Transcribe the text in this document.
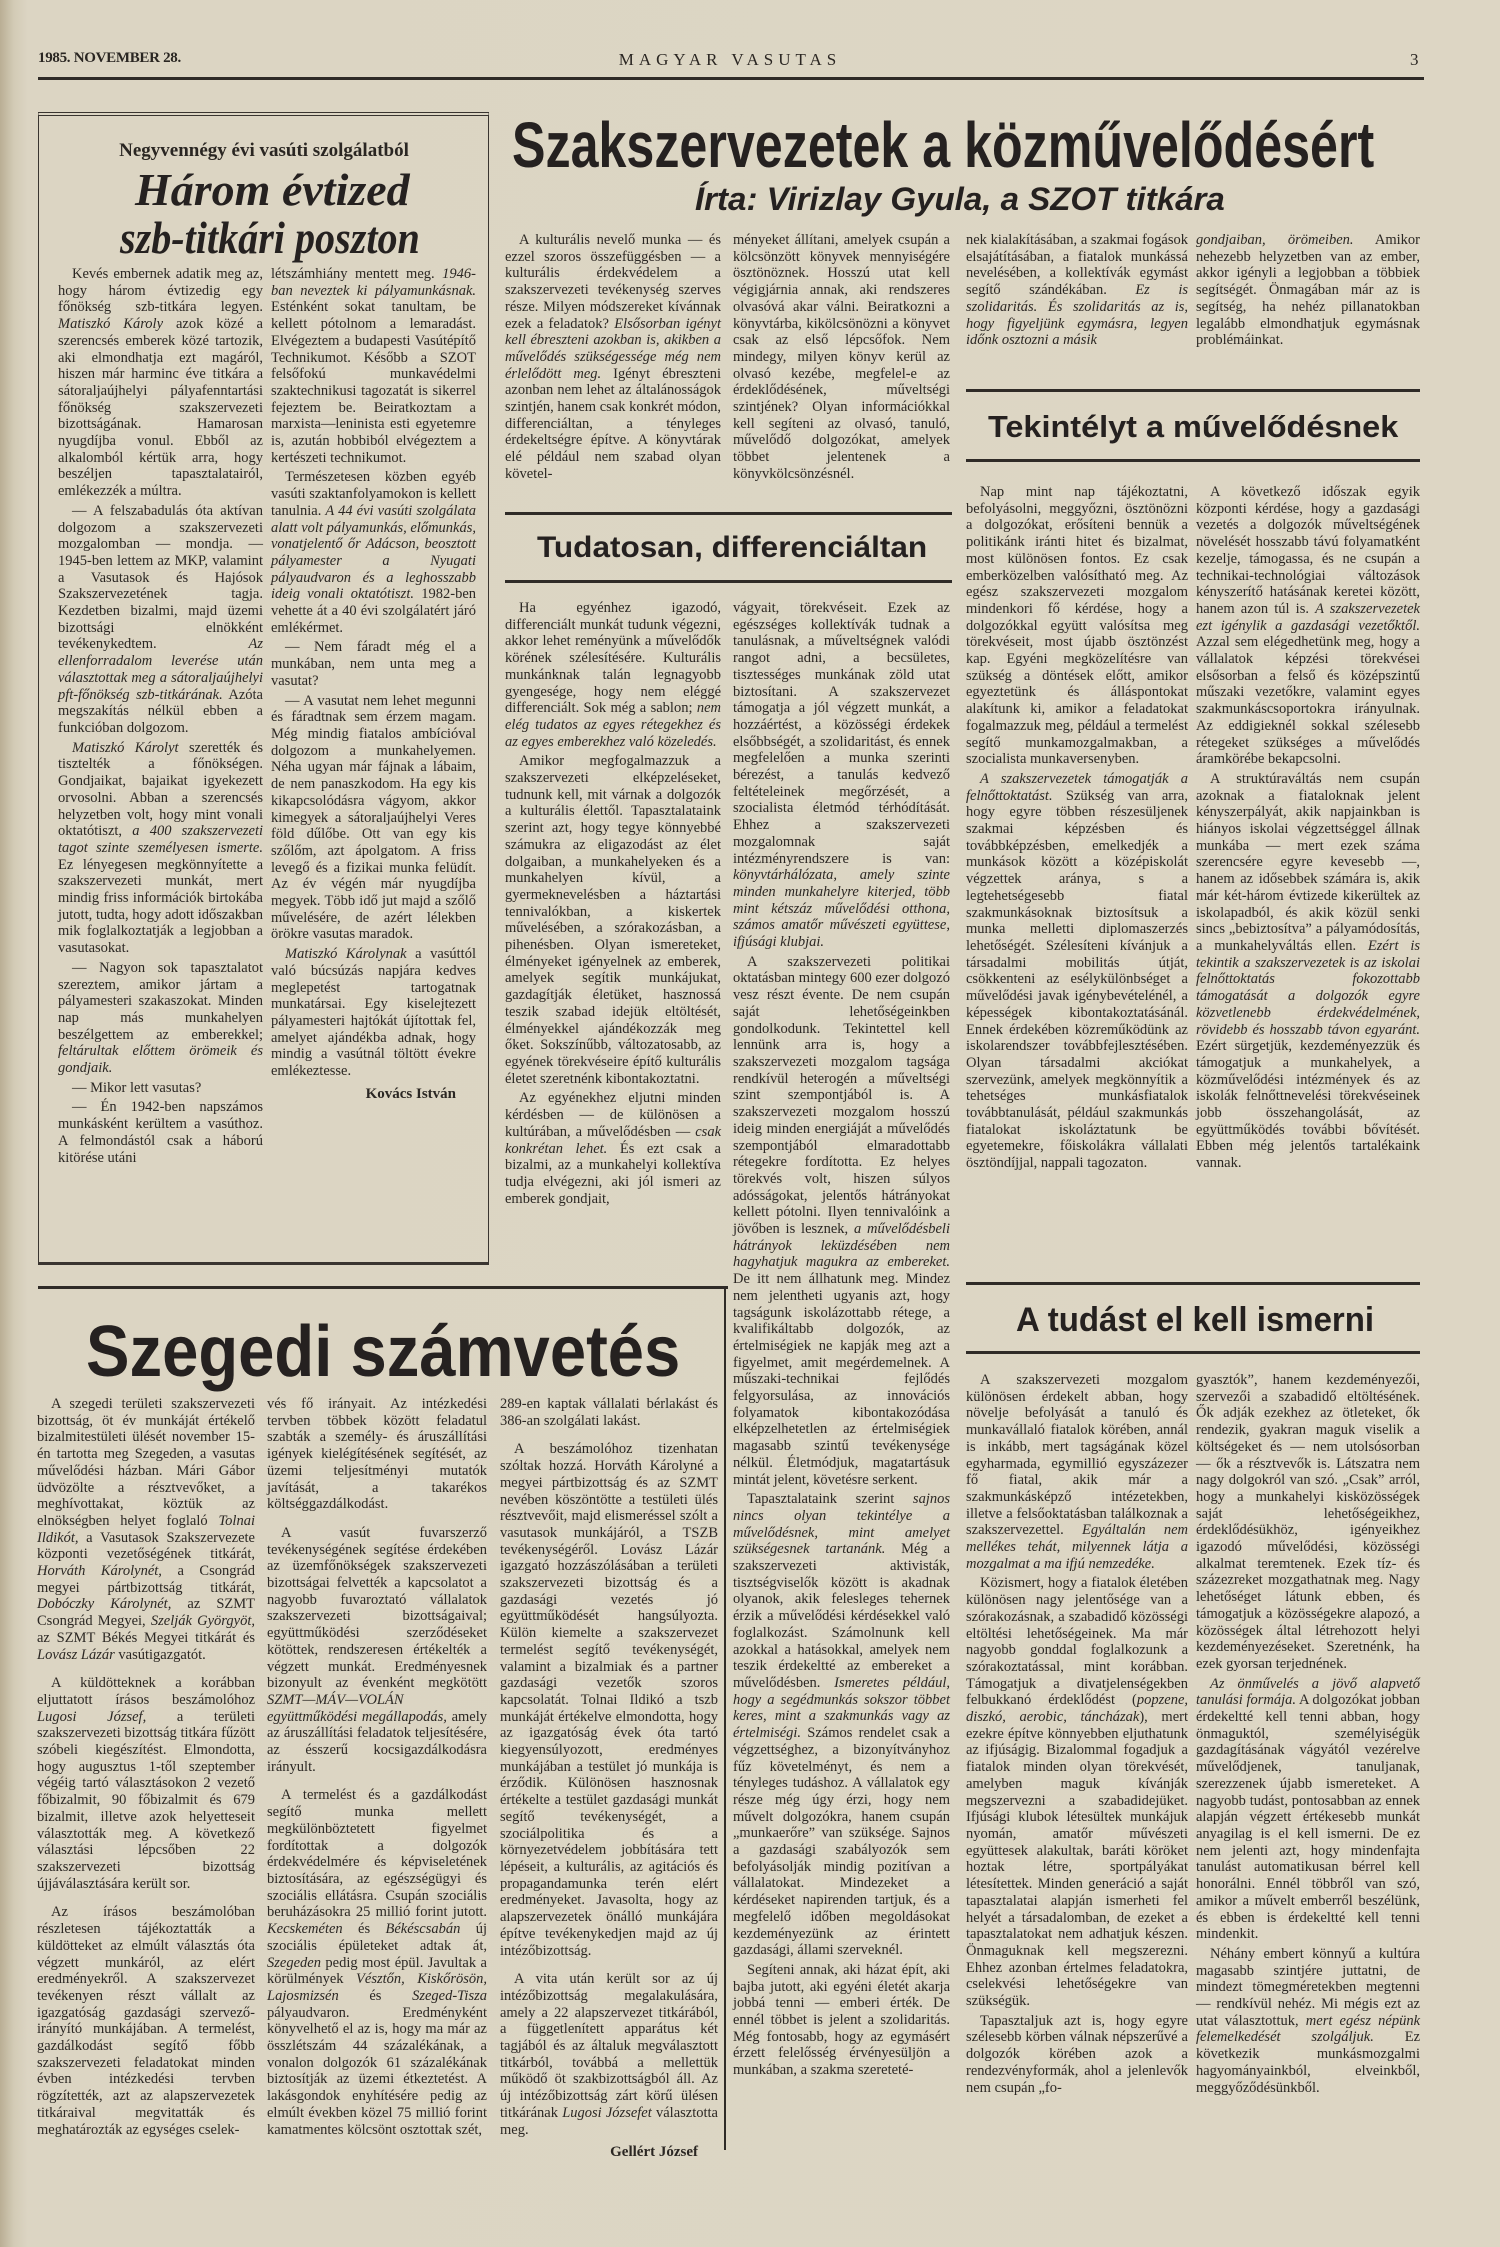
1985. NOVEMBER 28.	MAGYAR VASUTAS	3
Negyvennégy évi vasúti szolgálatból
Három évtized
szb-titkári poszton

Kevés embernek adatik meg az, hogy három évtizedig egy főnökség szb-titkára legyen. Matiszkó Károly azok közé a szerencsés emberek közé tartozik, aki elmondhatja ezt magáról, hiszen már harminc éve titkára a sátoraljaújhelyi pályafenntartási főnökség szakszervezeti bizottságának. Hamarosan nyugdíjba vonul. Ebből az alkalomból kértük arra, hogy beszéljen tapasztalatairól, emlékezzék a múltra.

— A felszabadulás óta aktívan dolgozom a szakszervezeti mozgalomban — mondja. — 1945-ben lettem az MKP, valamint a Vasutasok és Hajósok Szakszervezetének tagja. Kezdetben bizalmi, majd üzemi bizottsági elnökként tevékenykedtem. Az ellenforradalom leverése után választottak meg a sátoraljaújhelyi pft-főnökség szb-titkárának. Azóta megszakítás nélkül ebben a funkcióban dolgozom.

Matiszkó Károlyt szerették és tisztelték a főnökségen. Gondjaikat, bajaikat igyekezett orvosolni. Abban a szerencsés helyzetben volt, hogy mint vonali oktatótiszt, a 400 szakszervezeti tagot szinte személyesen ismerte. Ez lényegesen megkönnyítette a szakszervezeti munkát, mert mindig friss információk birtokába jutott, tudta, hogy adott időszakban mik foglalkoztatják a legjobban a vasutasokat.

— Nagyon sok tapasztalatot szereztem, amikor jártam a pályamesteri szakaszokat. Minden nap más munkahelyen beszélgettem az emberekkel; feltárultak előttem örömeik és gondjaik.

— Mikor lett vasutas?

— Én 1942-ben napszámos munkásként kerültem a vasúthoz. A felmondástól csak a háború kitörése utáni

létszámhiány mentett meg. 1946-ban neveztek ki pályamunkásnak. Esténként sokat tanultam, be kellett pótolnom a lemaradást. Elvégeztem a budapesti Vasútépítő Technikumot. Később a SZOT felsőfokú munkavédelmi szaktechnikusi tagozatát is sikerrel fejeztem be. Beiratkoztam a marxista—leninista esti egyetemre is, azután hobbiból elvégeztem a kertészeti technikumot.

Természetesen közben egyéb vasúti szaktanfolyamokon is kellett tanulnia. A 44 évi vasúti szolgálata alatt volt pályamunkás, előmunkás, vonatjelentő őr Adácson, beosztott pályamester a Nyugati pályaudvaron és a leghosszabb ideig vonali oktatótiszt. 1982-ben vehette át a 40 évi szolgálatért járó emlékérmet.

— Nem fáradt még el a munkában, nem unta meg a vasutat?

— A vasutat nem lehet megunni és fáradtnak sem érzem magam. Még mindig fiatalos ambícióval dolgozom a munkahelyemen. Néha ugyan már fájnak a lábaim, de nem panaszkodom. Ha egy kis kikapcsolódásra vágyom, akkor kimegyek a sátoraljaújhelyi Veres föld dűlőbe. Ott van egy kis szőlőm, azt ápolgatom. A friss levegő és a fizikai munka felüdít. Az év végén már nyugdíjba megyek. Több idő jut majd a szőlő művelésére, de azért lélekben örökre vasutas maradok.

Matiszkó Károlynak a vasúttól való búcsúzás napjára kedves meglepetést tartogatnak munkatársai. Egy kiselejtezett pályamesteri hajtókát újítottak fel, amelyet ajándékba adnak, hogy mindig a vasútnál töltött évekre emlékeztesse.

Kovács István
Szakszervezetek a közművelődésért
Írta: Virizlay Gyula, a SZOT titkára

A kulturális nevelő munka — és ezzel szoros összefüggésben — a kulturális érdekvédelem a szakszervezeti tevékenység szerves része. Milyen módszereket kívánnak ezek a feladatok? Elsősorban igényt kell ébreszteni azokban is, akikben a művelődés szükségessége még nem érlelődött meg. Igényt ébreszteni azonban nem lehet az általánosságok szintjén, hanem csak konkrét módon, differenciáltan, a tényleges érdekeltségre építve. A könyvtárak elé például nem szabad olyan követel-

ményeket állítani, amelyek csupán a kölcsönzött könyvek mennyiségére ösztönöznek. Hosszú utat kell végigjárnia annak, aki rendszeres olvasóvá akar válni. Beiratkozni a könyvtárba, kikölcsönözni a könyvet csak az első lépcsőfok. Nem mindegy, milyen könyv kerül az olvasó kezébe, megfelel-e az érdeklődésének, műveltségi szintjének? Olyan információkkal kell segíteni az olvasó, tanuló, művelődő dolgozókat, amelyek többet jelentenek a könyvkölcsönzésnél.

Tudatosan, differenciáltan

Ha egyénhez igazodó, differenciált munkát tudunk végezni, akkor lehet reményünk a művelődők körének szélesítésére. Kulturális munkánknak talán legnagyobb gyengesége, hogy nem eléggé differenciált. Sok még a sablon; nem elég tudatos az egyes rétegekhez és az egyes emberekhez való közeledés.

Amikor megfogalmazzuk a szakszervezeti elképzeléseket, tudnunk kell, mit várnak a dolgozók a kulturális élettől. Tapasztalataink szerint azt, hogy tegye könnyebbé számukra az eligazodást az élet dolgaiban, a munkahelyeken és a munkahelyen kívül, a gyermeknevelésben a háztartási tennivalókban, a kiskertek művelésében, a szórakozásban, a pihenésben. Olyan ismereteket, élményeket igényelnek az emberek, amelyek segítik munkájukat, gazdagítják életüket, hasznossá teszik szabad idejük eltöltését, élményekkel ajándékozzák meg őket. Sokszínűbb, változatosabb, az egyének törekvéseire építő kulturális életet szeretnénk kibontakoztatni.

Az egyénekhez eljutni minden kérdésben — de különösen a kultúrában, a művelődésben — csak konkrétan lehet. És ezt csak a bizalmi, az a munkahelyi kollektíva tudja elvégezni, aki jól ismeri az emberek gondjait,

vágyait, törekvéseit. Ezek az egészséges kollektívák tudnak a tanulásnak, a műveltségnek valódi rangot adni, a becsületes, tisztességes munkának zöld utat biztosítani. A szakszervezet támogatja a jól végzett munkát, a hozzáértést, a közösségi érdekek elsőbbségét, a szolidaritást, és ennek megfelelően a munka szerinti bérezést, a tanulás kedvező feltételeinek megőrzését, a szocialista életmód térhódítását. Ehhez a szakszervezeti mozgalomnak saját intézményrendszere is van: könyvtárhálózata, amely szinte minden munkahelyre kiterjed, több mint kétszáz művelődési otthona, számos amatőr művészeti együttese, ifjúsági klubjai.

A szakszervezeti politikai oktatásban mintegy 600 ezer dolgozó vesz részt évente. De nem csupán saját lehetőségeinkben gondolkodunk. Tekintettel kell lennünk arra is, hogy a szakszervezeti mozgalom tagsága rendkívül heterogén a műveltségi szint szempontjából is. A szakszervezeti mozgalom hosszú ideig minden energiáját a művelődés szempontjából elmaradottabb rétegekre fordította. Ez helyes törekvés volt, hiszen súlyos adósságokat, jelentős hátrányokat kellett pótolni. Ilyen tennivalóink a jövőben is lesznek, a művelődésbeli hátrányok leküzdésében nem hagyhatjuk magukra az embereket. De itt nem állhatunk meg. Mindez nem jelentheti ugyanis azt, hogy tagságunk iskolázottabb rétege, a kvalifikáltabb dolgozók, az értelmiségiek ne kapják meg azt a figyelmet, amit megérdemelnek. A műszaki-technikai fejlődés felgyorsulása, az innovációs folyamatok kibontakozódása elképzelhetetlen az értelmiségiek magasabb szintű tevékenysége nélkül. Életmódjuk, magatartásuk mintát jelent, követésre serkent.

Tapasztalataink szerint sajnos nincs olyan tekintélye a művelődésnek, mint amelyet szükségesnek tartanánk. Még a szakszervezeti aktivisták, tisztségviselők között is akadnak olyanok, akik felesleges tehernek érzik a művelődési kérdésekkel való foglalkozást. Számolnunk kell azokkal a hatásokkal, amelyek nem teszik érdekeltté az embereket a művelődésben. Ismeretes például, hogy a segédmunkás sokszor többet keres, mint a szakmunkás vagy az értelmiségi. Számos rendelet csak a végzettséghez, a bizonyítványhoz fűz követelményt, és nem a tényleges tudáshoz. A vállalatok egy része még úgy érzi, hogy nem művelt dolgozókra, hanem csupán „munkaerőre” van szüksége. Sajnos a gazdasági szabályozók sem befolyásolják mindig pozitívan a vállalatokat. Mindezeket a kérdéseket napirenden tartjuk, és a megfelelő időben megoldásokat kezdeményezünk az érintett gazdasági, állami szerveknél.

Segíteni annak, aki házat épít, aki bajba jutott, aki egyéni életét akarja jobbá tenni — emberi érték. De ennél többet is jelent a szolidaritás. Még fontosabb, hogy az egymásért érzett felelősség érvényesüljön a munkában, a szakma szereteté-

nek kialakításában, a szakmai fogások elsajátításában, a fiatalok munkássá nevelésében, a kollektívák egymást segítő szándékában. Ez is szolidaritás. És szolidaritás az is, hogy figyeljünk egymásra, legyen időnk osztozni a másik

gondjaiban, örömeiben. Amikor nehezebb helyzetben van az ember, akkor igényli a legjobban a többiek segítségét. Önmagában már az is segítség, ha nehéz pillanatokban legalább elmondhatjuk egymásnak problémáinkat.

Tekintélyt a művelődésnek

Nap mint nap tájékoztatni, befolyásolni, meggyőzni, ösztönözni a dolgozókat, erősíteni bennük a politikánk iránti hitet és bizalmat, most különösen fontos. Ez csak emberközelben valósítható meg. Az egész szakszervezeti mozgalom mindenkori fő kérdése, hogy a dolgozókkal együtt valósítsa meg törekvéseit, most újabb ösztönzést kap. Egyéni megközelítésre van szükség a döntések előtt, amikor egyeztetünk és álláspontokat alakítunk ki, amikor a feladatokat fogalmazzuk meg, például a termelést segítő munkamozgalmakban, a szocialista munkaversenyben.

A szakszervezetek támogatják a felnőttoktatást. Szükség van arra, hogy egyre többen részesüljenek szakmai képzésben és továbbképzésben, emelkedjék a munkások között a középiskolát végzettek aránya, s a legtehetségesebb fiatal szakmunkásoknak biztosítsuk a munka melletti diplomaszerzés lehetőségét. Szélesíteni kívánjuk a társadalmi mobilitás útját, csökkenteni az esélykülönbséget a művelődési javak igénybevételénél, a képességek kibontakoztatásánál. Ennek érdekében közreműködünk az iskolarendszer továbbfejlesztésében. Olyan társadalmi akciókat szervezünk, amelyek megkönnyítik a tehetséges munkásfiatalok továbbtanulását, például szakmunkás fiatalokat iskoláztatunk be egyetemekre, főiskolákra vállalati ösztöndíjjal, nappali tagozaton.

A következő időszak egyik központi kérdése, hogy a gazdasági vezetés a dolgozók műveltségének növelését hosszabb távú folyamatként kezelje, támogassa, és ne csupán a technikai-technológiai változások kényszerítő hatásának keretei között, hanem azon túl is. A szakszervezetek ezt igénylik a gazdasági vezetőktől. Azzal sem elégedhetünk meg, hogy a vállalatok képzési törekvései elsősorban a felső és középszintű műszaki vezetőkre, valamint egyes szakmunkáscsoportokra irányulnak. Az eddigieknél sokkal szélesebb rétegeket szükséges a művelődés áramkörébe bekapcsolni.

A struktúraváltás nem csupán azoknak a fiataloknak jelent kényszerpályát, akik napjainkban is hiányos iskolai végzettséggel állnak munkába — mert ezek száma szerencsére egyre kevesebb —, hanem az idősebbek számára is, akik már két-három évtizede kikerültek az iskolapadból, és akik közül senki sincs „bebiztosítva” a pályamódosítás, a munkahelyváltás ellen. Ezért is tekintik a szakszervezetek is az iskolai felnőttoktatás fokozottabb támogatását a dolgozók egyre közvetlenebb érdekvédelmének, rövidebb és hosszabb távon egyaránt. Ezért sürgetjük, kezdeményezzük és támogatjuk a munkahelyek, a közművelődési intézmények és az iskolák felnőttnevelési törekvéseinek jobb összehangolását, az együttműködés további bővítését. Ebben még jelentős tartalékaink vannak.

Szegedi számvetés

A szegedi területi szakszervezeti bizottság, öt év munkáját értékelő bizalmitestületi ülését november 15-én tartotta meg Szegeden, a vasutas művelődési házban. Mári Gábor üdvözölte a résztvevőket, a meghívottakat, köztük az elnökségben helyet foglaló Tolnai Ildikót, a Vasutasok Szakszervezete központi vezetőségének titkárát, Horváth Károlynét, a Csongrád megyei pártbizottság titkárát, Dobóczky Károlynét, az SZMT Csongrád Megyei, Szelják Györgyöt, az SZMT Békés Megyei titkárát és Lovász Lázár vasútigazgatót.

A küldötteknek a korábban eljuttatott írásos beszámolóhoz Lugosi József, a területi szakszervezeti bizottság titkára fűzött szóbeli kiegészítést. Elmondotta, hogy augusztus 1-től szeptember végéig tartó választásokon 2 vezető főbizalmit, 90 főbizalmit és 679 bizalmit, illetve azok helyetteseit választották meg. A következő választási lépcsőben 22 szakszervezeti bizottság újjáválasztására került sor.

Az írásos beszámolóban részletesen tájékoztatták a küldötteket az elmúlt választás óta végzett munkáról, az elért eredményekről. A szakszervezet tevékenyen részt vállalt az igazgatóság gazdasági szervező-irányító munkájában. A termelést, gazdálkodást segítő főbb szakszervezeti feladatokat minden évben intézkedési tervben rögzítették, azt az alapszervezetek titkáraival megvitatták és meghatározták az egységes cselek-

vés fő irányait. Az intézkedési tervben többek között feladatul szabták a személy- és áruszállítási igények kielégítésének segítését, az üzemi teljesítményi mutatók javítását, a takarékos költséggazdálkodást.

A vasút fuvarszerző tevékenységének segítése érdekében az üzemfőnökségek szakszervezeti bizottságai felvették a kapcsolatot a nagyobb fuvaroztató vállalatok szakszervezeti bizottságaival; együttműködési szerződéseket kötöttek, rendszeresen értékelték a végzett munkát. Eredményesnek bizonyult az évenként megkötött SZMT—MÁV—VOLÁN együttműködési megállapodás, amely az áruszállítási feladatok teljesítésére, az ésszerű kocsigazdálkodásra irányult.

A termelést és a gazdálkodást segítő munka mellett megkülönböztetett figyelmet fordítottak a dolgozók érdekvédelmére és képviseletének biztosítására, az egészségügyi és szociális ellátásra. Csupán szociális beruházásokra 25 millió forint jutott. Kecskeméten és Békéscsabán új szociális épületeket adtak át, Szegeden pedig most épül. Javultak a körülmények Vésztőn, Kiskőrösön, Lajosmizsén és Szeged-Tisza pályaudvaron. Eredményként könyvelhető el az is, hogy ma már az összlétszám 44 százalékának, a vonalon dolgozók 61 százalékának biztosítják az üzemi étkeztetést. A lakásgondok enyhítésére pedig az elmúlt években közel 75 millió forint kamatmentes kölcsönt osztottak szét,

289-en kaptak vállalati bérlakást és 386-an szolgálati lakást.

A beszámolóhoz tizenhatan szóltak hozzá. Horváth Károlyné a megyei pártbizottság és az SZMT nevében köszöntötte a testületi ülés résztvevőit, majd elismeréssel szólt a vasutasok munkájáról, a TSZB tevékenységéről. Lovász Lázár igazgató hozzászólásában a területi szakszervezeti bizottság és a gazdasági vezetés jó együttműködését hangsúlyozta. Külön kiemelte a szakszervezet termelést segítő tevékenységét, valamint a bizalmiak és a partner gazdasági vezetők szoros kapcsolatát. Tolnai Ildikó a tszb munkáját értékelve elmondotta, hogy az igazgatóság évek óta tartó kiegyensúlyozott, eredményes munkájában a testület jó munkája is érződik. Különösen hasznosnak értékelte a testület gazdasági munkát segítő tevékenységét, a szociálpolitika és a környezetvédelem jobbítására tett lépéseit, a kulturális, az agitációs és propagandamunka terén elért eredményeket. Javasolta, hogy az alapszervezetek önálló munkájára építve tevékenykedjen majd az új intézőbizottság.

A vita után került sor az új intézőbizottság megalakulására, amely a 22 alapszervezet titkárából, a függetlenített apparátus két tagjából és az általuk megválasztott titkárból, továbbá a mellettük működő öt szakbizottságból áll. Az új intézőbizottság zárt körű ülésen titkárának Lugosi Józsefet választotta meg.

Gellért József
A tudást el kell ismerni

A szakszervezeti mozgalom különösen érdekelt abban, hogy növelje befolyását a tanuló és munkavállaló fiatalok körében, annál is inkább, mert tagságának közel egyharmada, egymillió egyszázezer fő fiatal, akik már a szakmunkásképző intézetekben, illetve a felsőoktatásban találkoznak a szakszervezettel. Egyáltalán nem mellékes tehát, milyennek látja a mozgalmat a ma ifjú nemzedéke.

Közismert, hogy a fiatalok életében különösen nagy jelentősége van a szórakozásnak, a szabadidő közösségi eltöltési lehetőségeinek. Ma már nagyobb gonddal foglalkozunk a szórakoztatással, mint korábban. Támogatjuk a divatjelenségekben felbukkanó érdeklődést (popzene, diszkó, aerobic, táncházak), mert ezekre építve könnyebben eljuthatunk az ifjúságig. Bizalommal fogadjuk a fiatalok minden olyan törekvését, amelyben maguk kívánják megszervezni a szabadidejüket. Ifjúsági klubok létesültek munkájuk nyomán, amatőr művészeti együttesek alakultak, baráti köröket hoztak létre, sportpályákat létesítettek. Minden generáció a saját tapasztalatai alapján ismerheti fel helyét a társadalomban, de ezeket a tapasztalatokat nem adhatjuk készen. Önmaguknak kell megszerezni. Ehhez azonban értelmes feladatokra, cselekvési lehetőségekre van szükségük.

Tapasztaljuk azt is, hogy egyre szélesebb körben válnak népszerűvé a dolgozók körében azok a rendezvényformák, ahol a jelenlevők nem csupán „fo-

gyasztók”, hanem kezdeményezői, szervezői a szabadidő eltöltésének. Ők adják ezekhez az ötleteket, ők rendezik, gyakran maguk viselik a költségeket és — nem utolsósorban — ők a résztvevők is. Látszatra nem nagy dolgokról van szó. „Csak” arról, hogy a munkahelyi kisközösségek saját lehetőségeikhez, érdeklődésükhöz, igényeikhez igazodó művelődési, közösségi alkalmat teremtenek. Ezek tíz- és százezreket mozgathatnak meg. Nagy lehetőséget látunk ebben, és támogatjuk a közösségekre alapozó, a közösségek által létrehozott helyi kezdeményezéseket. Szeretnénk, ha ezek gyorsan terjednének.

Az önművelés a jövő alapvető tanulási formája. A dolgozókat jobban érdekeltté kell tenni abban, hogy önmaguktól, személyiségük gazdagításának vágyától vezérelve művelődjenek, tanuljanak, szerezzenek újabb ismereteket. A nagyobb tudást, pontosabban az ennek alapján végzett értékesebb munkát anyagilag is el kell ismerni. De ez nem jelenti azt, hogy mindenfajta tanulást automatikusan bérrel kell honorálni. Ennél többről van szó, amikor a művelt emberről beszélünk, és ebben is érdekeltté kell tenni mindenkit.

Néhány embert könnyű a kultúra magasabb szintjére juttatni, de mindezt tömegméretekben megtenni — rendkívül nehéz. Mi mégis ezt az utat választottuk, mert egész népünk felemelkedését szolgáljuk. Ez következik munkásmozgalmi hagyományainkból, elveinkből, meggyőződésünkből.
